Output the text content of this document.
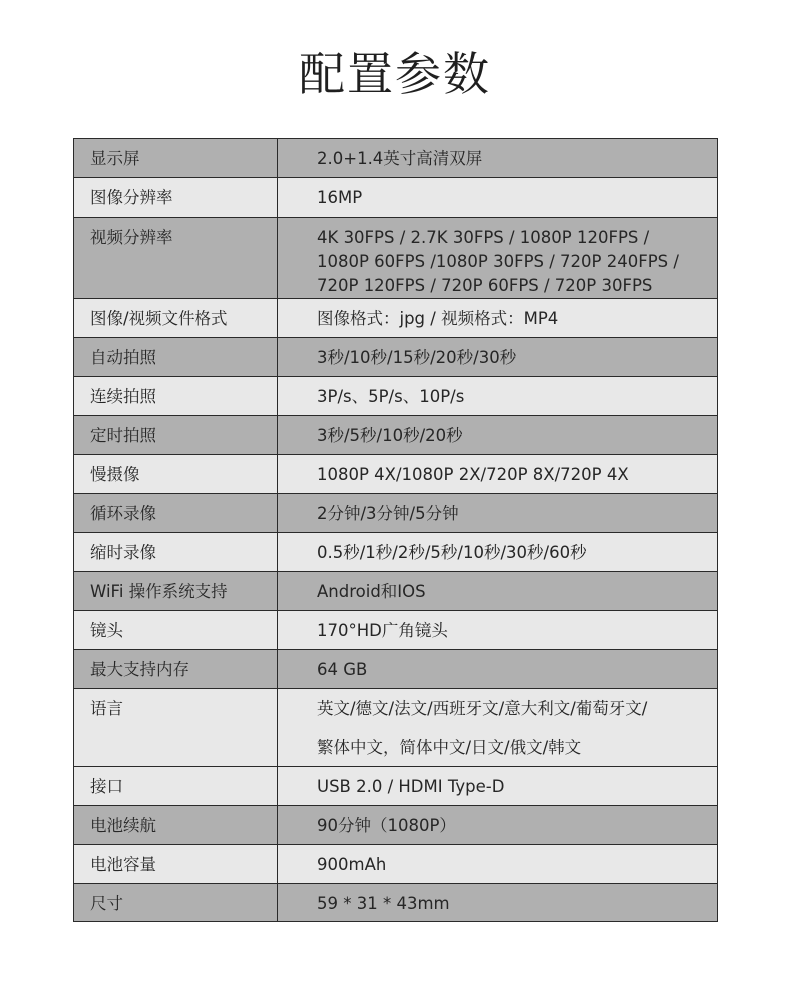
配置参数
显示屏	2.0+1.4英寸高清双屏
图像分辨率	16MP
视频分辨率	4K 30FPS / 2.7K 30FPS / 1080P 120FPS /
1080P 60FPS /1080P 30FPS / 720P 240FPS /
720P 120FPS / 720P 60FPS / 720P 30FPS
图像/视频文件格式	图像格式：jpg / 视频格式：MP4
自动拍照	3秒/10秒/15秒/20秒/30秒
连续拍照	3P/s、5P/s、10P/s
定时拍照	3秒/5秒/10秒/20秒
慢摄像	1080P 4X/1080P 2X/720P 8X/720P 4X
循环录像	2分钟/3分钟/5分钟
缩时录像	0.5秒/1秒/2秒/5秒/10秒/30秒/60秒
WiFi 操作系统支持	Android和IOS
镜头	170°HD广角镜头
最大支持内存	64 GB
语言	英文/德文/法文/西班牙文/意大利文/葡萄牙文/
繁体中文，简体中文/日文/俄文/韩文

接口	USB 2.0 / HDMI Type-D
电池续航	90分钟（1080P）
电池容量	900mAh
尺寸	59 * 31 * 43mm
